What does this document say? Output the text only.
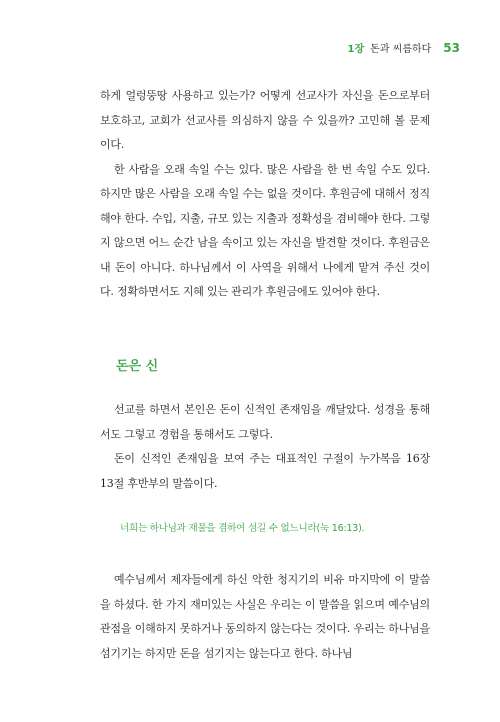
1장 돈과 씨름하다 53

하게 얼렁뚱땅 사용하고 있는가? 어떻게 선교사가 자신을 돈으로부터 보호하고, 교회가 선교사를 의심하지 않을 수 있을까? 고민해 볼 문제이다.

한 사람을 오래 속일 수는 있다. 많은 사람을 한 번 속일 수도 있다. 하지만 많은 사람을 오래 속일 수는 없을 것이다. 후원금에 대해서 정직해야 한다. 수입, 지출, 규모 있는 지출과 정확성을 겸비해야 한다. 그렇지 않으면 어느 순간 남을 속이고 있는 자신을 발견할 것이다. 후원금은 내 돈이 아니다. 하나님께서 이 사역을 위해서 나에게 맡겨 주신 것이다. 정확하면서도 지혜 있는 관리가 후원금에도 있어야 한다.

돈은 신

선교를 하면서 본인은 돈이 신적인 존재임을 깨달았다. 성경을 통해서도 그렇고 경험을 통해서도 그렇다.

돈이 신적인 존재임을 보여 주는 대표적인 구절이 누가복음 16장 13절 후반부의 말씀이다.

너희는 하나님과 재물을 겸하여 섬길 수 없느니라(눅 16:13).

예수님께서 제자들에게 하신 악한 청지기의 비유 마지막에 이 말씀을 하셨다. 한 가지 재미있는 사실은 우리는 이 말씀을 읽으며 예수님의 관점을 이해하지 못하거나 동의하지 않는다는 것이다. 우리는 하나님을 섬기기는 하지만 돈을 섬기지는 않는다고 한다. 하나님
